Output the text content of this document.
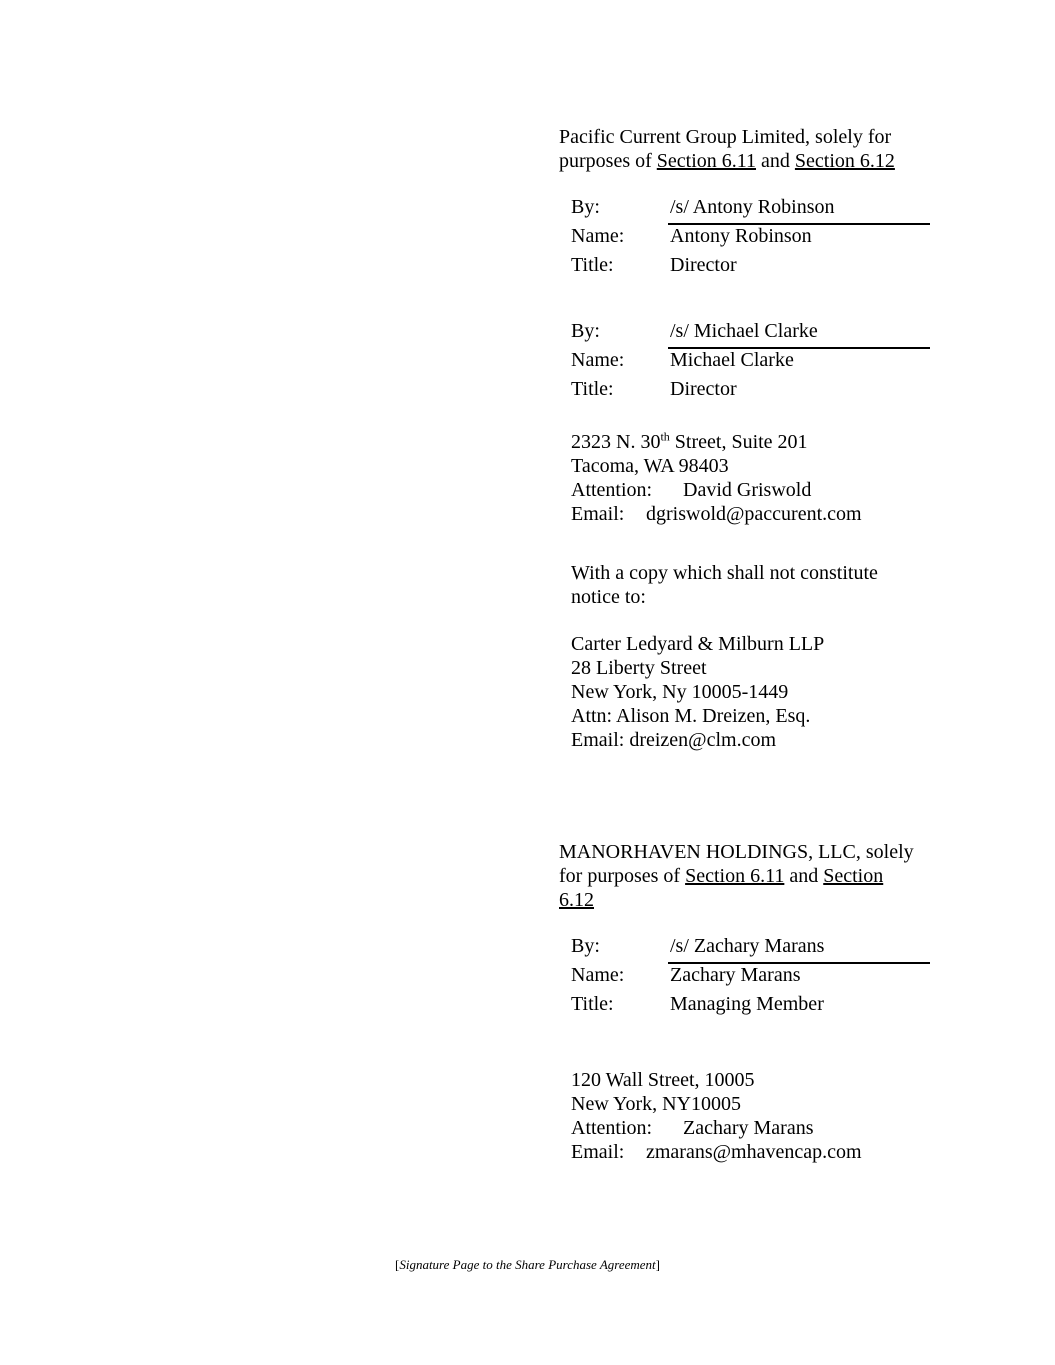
Pacific Current Group Limited, solely for
purposes of Section 6.11 and Section 6.12
By:	/s/ Antony Robinson
Name: Antony Robinson
Title:	Director
By:	/s/ Michael Clarke
Name: Michael Clarke
Title:	Director
2323 N. 30th Street, Suite 201
Tacoma, WA 98403
Attention: David Griswold
Email: dgriswold@paccurent.com
With a copy which shall not constitute notice to:
Carter Ledyard & Milburn LLP
28 Liberty Street
New York, Ny 10005-1449
Attn: Alison M. Dreizen, Esq.
Email: dreizen@clm.com
MANORHAVEN HOLDINGS, LLC, solely
for purposes of Section 6.11 and Section
6.12
By:	/s/ Zachary Marans
Name: Zachary Marans
Title:	Managing Member
120 Wall Street, 10005
New York, NY10005
Attention: Zachary Marans
Email: zmarans@mhavencap.com
[Signature Page to the Share Purchase Agreement]
